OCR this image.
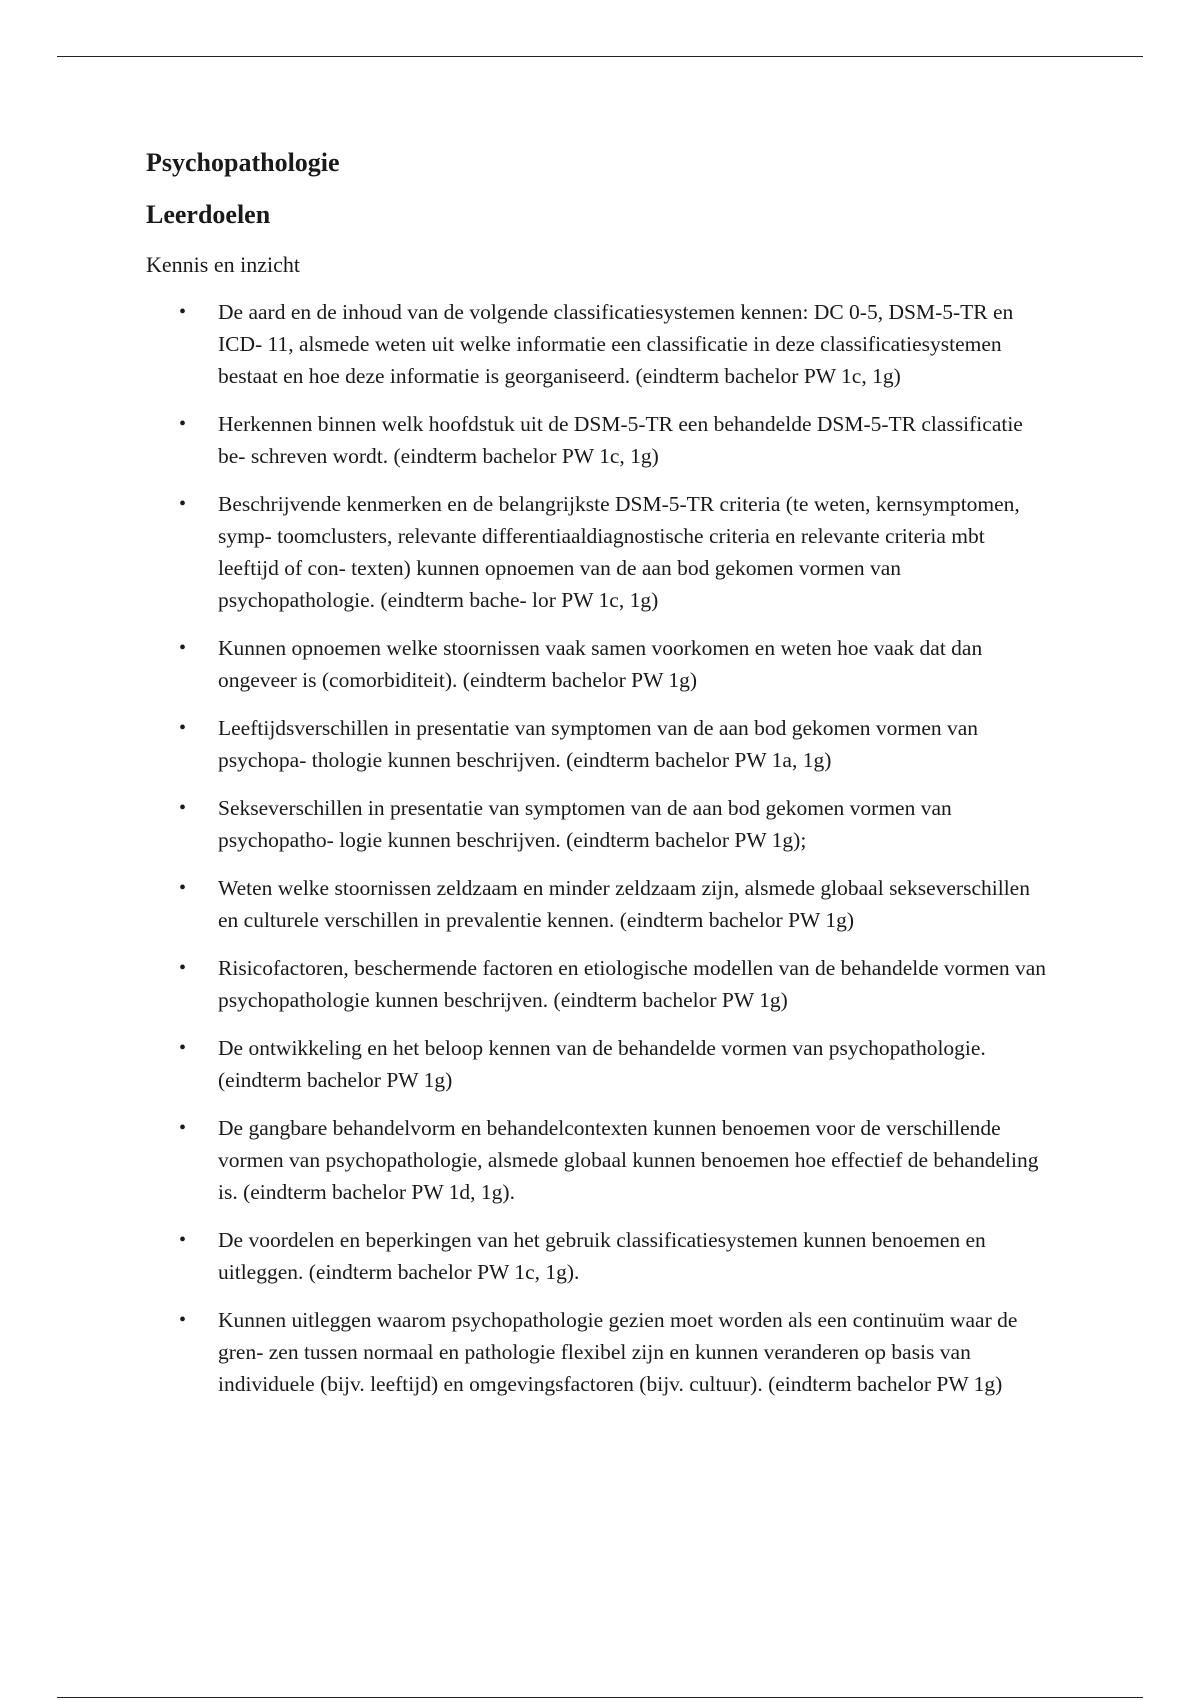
Psychopathologie
Leerdoelen

Kennis en inzicht

• De aard en de inhoud van de volgende classificatiesystemen kennen: DC 0-5, DSM-5-TR en ICD- 11, alsmede weten uit welke informatie een classificatie in deze classificatiesystemen bestaat en hoe deze informatie is georganiseerd. (eindterm bachelor PW 1c, 1g)
• Herkennen binnen welk hoofdstuk uit de DSM-5-TR een behandelde DSM-5-TR classificatie be- schreven wordt. (eindterm bachelor PW 1c, 1g)
• Beschrijvende kenmerken en de belangrijkste DSM-5-TR criteria (te weten, kernsymptomen, symp- toomclusters, relevante differentiaaldiagnostische criteria en relevante criteria mbt leeftijd of con- texten) kunnen opnoemen van de aan bod gekomen vormen van psychopathologie. (eindterm bache- lor PW 1c, 1g)
• Kunnen opnoemen welke stoornissen vaak samen voorkomen en weten hoe vaak dat dan ongeveer is (comorbiditeit). (eindterm bachelor PW 1g)
• Leeftijdsverschillen in presentatie van symptomen van de aan bod gekomen vormen van psychopa- thologie kunnen beschrijven. (eindterm bachelor PW 1a, 1g)
• Sekseverschillen in presentatie van symptomen van de aan bod gekomen vormen van psychopatho- logie kunnen beschrijven. (eindterm bachelor PW 1g);
• Weten welke stoornissen zeldzaam en minder zeldzaam zijn, alsmede globaal sekseverschillen en culturele verschillen in prevalentie kennen. (eindterm bachelor PW 1g)
• Risicofactoren, beschermende factoren en etiologische modellen van de behandelde vormen van psychopathologie kunnen beschrijven. (eindterm bachelor PW 1g)
• De ontwikkeling en het beloop kennen van de behandelde vormen van psychopathologie. (eindterm bachelor PW 1g)
• De gangbare behandelvorm en behandelcontexten kunnen benoemen voor de verschillende vormen van psychopathologie, alsmede globaal kunnen benoemen hoe effectief de behandeling is. (eindterm bachelor PW 1d, 1g).
• De voordelen en beperkingen van het gebruik classificatiesystemen kunnen benoemen en uitleggen. (eindterm bachelor PW 1c, 1g).
• Kunnen uitleggen waarom psychopathologie gezien moet worden als een continuüm waar de gren- zen tussen normaal en pathologie flexibel zijn en kunnen veranderen op basis van individuele (bijv. leeftijd) en omgevingsfactoren (bijv. cultuur). (eindterm bachelor PW 1g)
